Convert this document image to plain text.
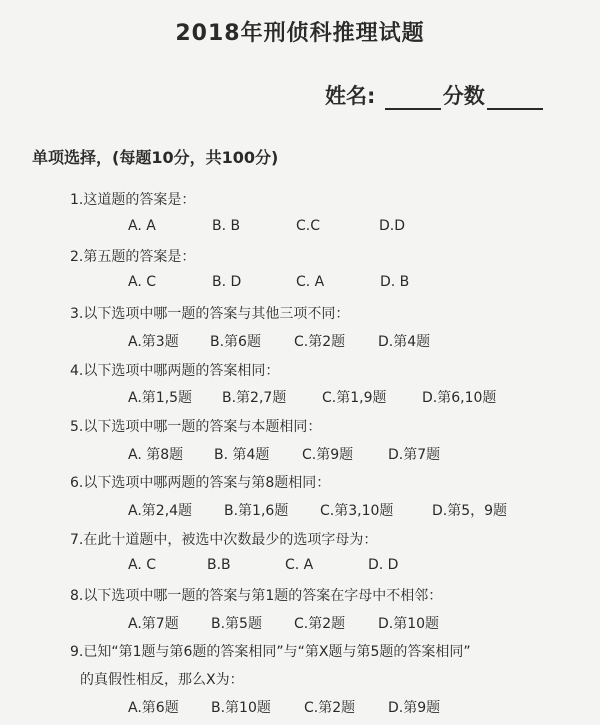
2018年刑侦科推理试题
姓名:	分数
单项选择，(每题10分，共100分)
1.这道题的答案是：
A. A	B. B	C.C	D.D
2.第五题的答案是：
A. C	B. D	C. A	D. B
3.以下选项中哪一题的答案与其他三项不同：
A.第3题 B.第6题 C.第2题 D.第4题
4.以下选项中哪两题的答案相同：
A.第1,5题 B.第2,7题	C.第1,9题	D.第6,10题
5.以下选项中哪一题的答案与本题相同：
A. 第8题 B. 第4题 C.第9题 D.第7题
6.以下选项中哪两题的答案与第8题相同：
A.第2,4题 B.第1,6题 C.第3,10题	D.第5，9题
7.在此十道题中，被选中次数最少的选项字母为：
A. C	B.B	C. A	D. D
8.以下选项中哪一题的答案与第1题的答案在字母中不相邻：
A.第7题 B.第5题 C.第2题 D.第10题
9.已知“第1题与第6题的答案相同”与“第X题与第5题的答案相同”
的真假性相反，那么X为：
A.第6题 B.第10题 C.第2题 D.第9题
